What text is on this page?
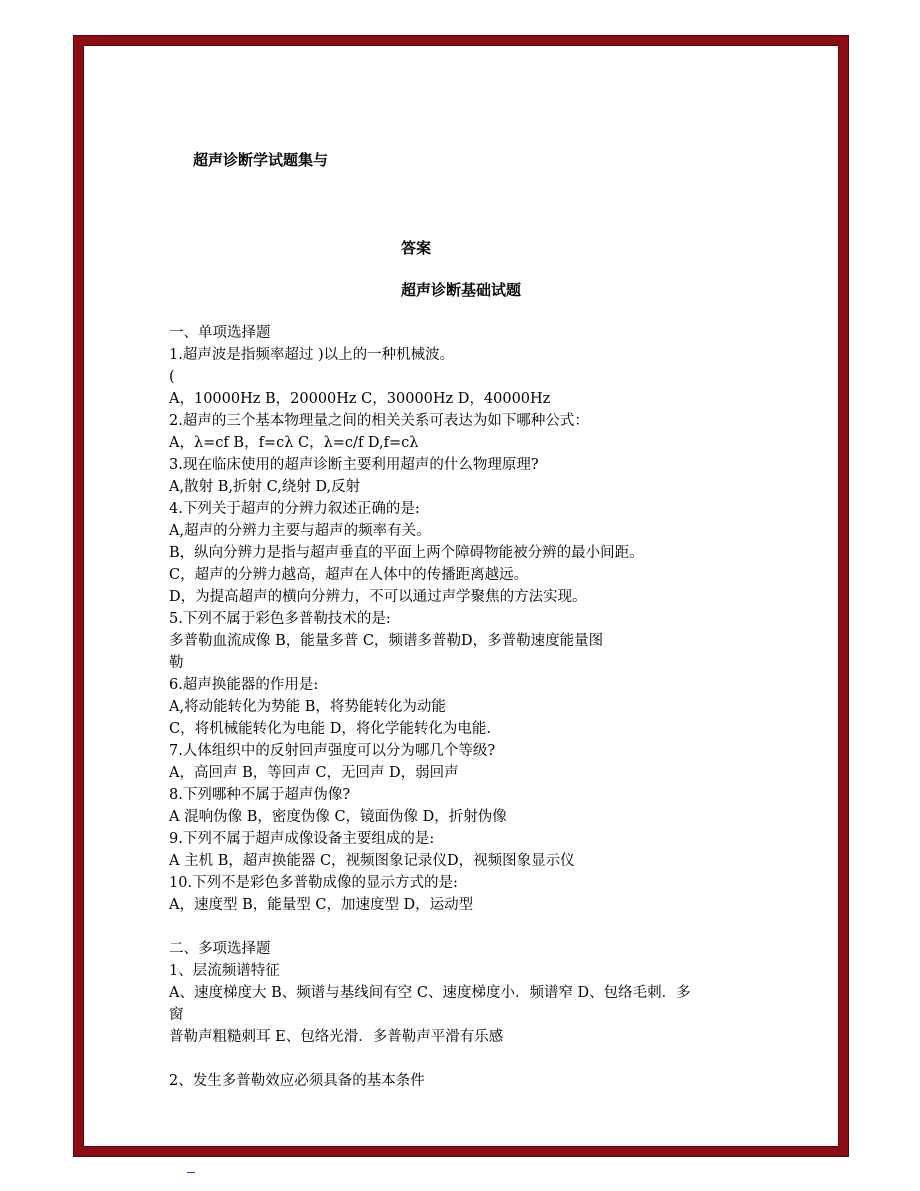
超声诊断学试题集与
答案
超声诊断基础试题
一、单项选择题
1.超声波是指频率超过 )以上的一种机械波。
(
A，10000Hz B，20000Hz C，30000Hz D，40000Hz
2.超声的三个基本物理量之间的相关关系可表达为如下哪种公式：
A，λ=cf B，f=cλ C，λ=c/f D,f=cλ
3.现在临床使用的超声诊断主要利用超声的什么物理原理?
A,散射 B,折射 C,绕射 D,反射
4.下列关于超声的分辨力叙述正确的是:
A,超声的分辨力主要与超声的频率有关。
B，纵向分辨力是指与超声垂直的平面上两个障碍物能被分辨的最小间距。
C，超声的分辨力越高，超声在人体中的传播距离越远。
D，为提高超声的横向分辨力，不可以通过声学聚焦的方法实现。
5.下列不属于彩色多普勒技术的是:
多普勒血流成像 B，能量多普 C，频谱多普勒D，多普勒速度能量图
勒
6.超声换能器的作用是:
A,将动能转化为势能 B，将势能转化为动能
C，将机械能转化为电能 D，将化学能转化为电能.
7.人体组织中的反射回声强度可以分为哪几个等级?
A，高回声 B，等回声 C，无回声 D，弱回声
8.下列哪种不属于超声伪像?
A 混响伪像 B，密度伪像 C，镜面伪像 D，折射伪像
9.下列不属于超声成像设备主要组成的是:
A 主机 B，超声换能器 C，视频图象记录仪D，视频图象显示仪
10.下列不是彩色多普勒成像的显示方式的是:
A，速度型 B，能量型 C，加速度型 D，运动型
二、多项选择题
1、层流频谱特征
A、速度梯度大 B、频谱与基线间有空 C、速度梯度小．频谱窄 D、包络毛刺．多
窗
普勒声粗糙刺耳 E、包络光滑．多普勒声平滑有乐感
2、发生多普勒效应必须具备的基本条件
